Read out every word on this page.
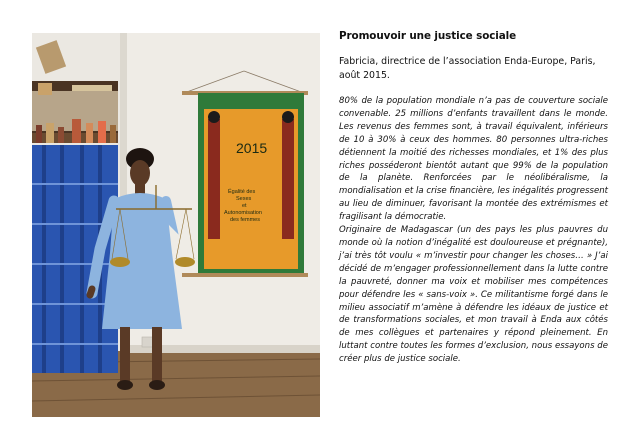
2015
Égalité des
Sexes
et
Autonomisation
des femmes
Promouvoir une justice sociale
Fabricia, directrice de l’association Enda-Europe, Paris, août 2015.

80% de la population mondiale n’a pas de couverture sociale convenable. 25 millions d’enfants travaillent dans le monde. Les revenus des femmes sont, à travail équivalent, inférieurs de 10 à 30% à ceux des hommes. 80 personnes ultra-riches détiennent la moitié des richesses mondiales, et 1% des plus riches posséderont bientôt autant que 99% de la population de la planète. Renforcées par le néolibéralisme, la mondialisation et la crise financière, les inégalités progressent au lieu de diminuer, favorisant la montée des extrémismes et fragilisant la démocratie.

Originaire de Madagascar (un des pays les plus pauvres du monde où la notion d’inégalité est douloureuse et prégnante), j’ai très tôt voulu « m’investir pour changer les choses… » J’ai décidé de m’engager professionnellement dans la lutte contre la pauvreté, donner ma voix et mobiliser mes compétences pour défendre les « sans-voix ». Ce militantisme forgé dans le milieu associatif m’amène à défendre les idéaux de justice et de transformations sociales, et mon travail à Enda aux côtés de mes collègues et partenaires y répond pleinement. En luttant contre toutes les formes d’exclusion, nous essayons de créer plus de justice sociale.
